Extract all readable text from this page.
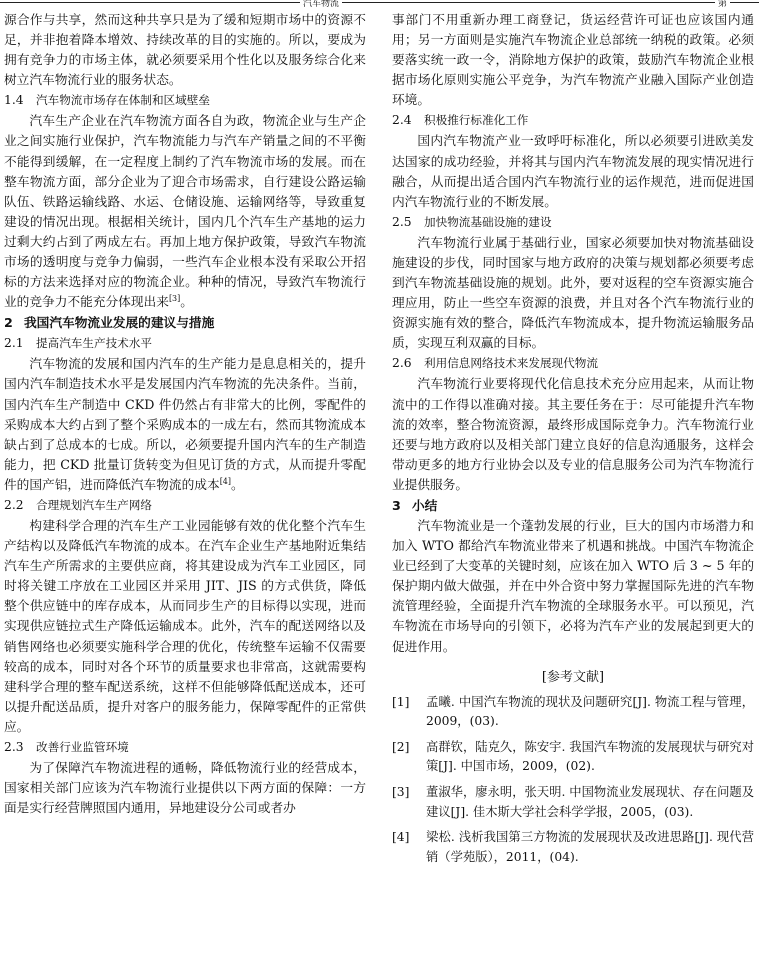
汽车物流	第

源合作与共享，然而这种共享只是为了缓和短期市场中的资源不足，并非抱着降本增效、持续改革的目的实施的。所以，要成为拥有竞争力的市场主体，就必须要采用个性化以及服务综合化来树立汽车物流行业的服务状态。

1.4 汽车物流市场存在体制和区域壁垒

汽车生产企业在汽车物流方面各自为政，物流企业与生产企业之间实施行业保护，汽车物流能力与汽车产销量之间的不平衡不能得到缓解，在一定程度上制约了汽车物流市场的发展。而在整车物流方面，部分企业为了迎合市场需求，自行建设公路运输队伍、铁路运输线路、水运、仓储设施、运输网络等，导致重复建设的情况出现。根据相关统计，国内几个汽车生产基地的运力过剩大约占到了两成左右。再加上地方保护政策，导致汽车物流市场的透明度与竞争力偏弱，一些汽车企业根本没有采取公开招标的方法来选择对应的物流企业。种种的情况，导致汽车物流行业的竞争力不能充分体现出来[3]。

2 我国汽车物流业发展的建议与措施

2.1 提高汽车生产技术水平

汽车物流的发展和国内汽车的生产能力是息息相关的，提升国内汽车制造技术水平是发展国内汽车物流的先决条件。当前，国内汽车生产制造中 CKD 件仍然占有非常大的比例，零配件的采购成本大约占到了整个采购成本的一成左右，然而其物流成本缺占到了总成本的七成。所以，必须要提升国内汽车的生产制造能力，把 CKD 批量订货转变为但见订货的方式，从而提升零配件的国产铝，进而降低汽车物流的成本[4]。

2.2 合理规划汽车生产网络

构建科学合理的汽车生产工业园能够有效的优化整个汽车生产结构以及降低汽车物流的成本。在汽车企业生产基地附近集结汽车生产所需求的主要供应商，将其建设成为汽车工业园区，同时将关键工序放在工业园区并采用 JIT、JIS 的方式供货，降低整个供应链中的库存成本，从而同步生产的目标得以实现，进而实现供应链拉式生产降低运输成本。此外，汽车的配送网络以及销售网络也必须要实施科学合理的优化，传统整车运输不仅需要较高的成本，同时对各个环节的质量要求也非常高，这就需要构建科学合理的整车配送系统，这样不但能够降低配送成本，还可以提升配送品质，提升对客户的服务能力，保障零配件的正常供应。

2.3 改善行业监管环境

为了保障汽车物流进程的通畅，降低物流行业的经营成本，国家相关部门应该为汽车物流行业提供以下两方面的保障：一方面是实行经营牌照国内通用，异地建设分公司或者办

事部门不用重新办理工商登记，货运经营许可证也应该国内通用；另一方面则是实施汽车物流企业总部统一纳税的政策。必须要落实统一政一令，消除地方保护的政策，鼓励汽车物流企业根据市场化原则实施公平竞争，为汽车物流产业融入国际产业创造环境。

2.4 积极推行标准化工作

国内汽车物流产业一致呼吁标准化，所以必须要引进欧美发达国家的成功经验，并将其与国内汽车物流发展的现实情况进行融合，从而提出适合国内汽车物流行业的运作规范，进而促进国内汽车物流行业的不断发展。

2.5 加快物流基础设施的建设

汽车物流行业属于基础行业，国家必须要加快对物流基础设施建设的步伐，同时国家与地方政府的决策与规划都必须要考虑到汽车物流基础设施的规划。此外，要对返程的空车资源实施合理应用，防止一些空车资源的浪费，并且对各个汽车物流行业的资源实施有效的整合，降低汽车物流成本，提升物流运输服务品质，实现互利双赢的目标。

2.6 利用信息网络技术来发展现代物流

汽车物流行业要将现代化信息技术充分应用起来，从而让物流中的工作得以准确对接。其主要任务在于：尽可能提升汽车物流的效率，整合物流资源，最终形成国际竞争力。汽车物流行业还要与地方政府以及相关部门建立良好的信息沟通服务，这样会带动更多的地方行业协会以及专业的信息服务公司为汽车物流行业提供服务。

3 小结

汽车物流业是一个蓬勃发展的行业，巨大的国内市场潜力和加入 WTO 都给汽车物流业带来了机遇和挑战。中国汽车物流企业已经到了大变革的关键时刻，应该在加入 WTO 后 3 ~ 5 年的保护期内做大做强，并在中外合资中努力掌握国际先进的汽车物流管理经验，全面提升汽车物流的全球服务水平。可以预见，汽车物流在市场导向的引领下，必将为汽车产业的发展起到更大的促进作用。

[参考文献]

[1] 孟曦. 中国汽车物流的现状及问题研究[J]. 物流工程与管理，2009，(03).

[2] 高群钦，陆克久，陈安宇. 我国汽车物流的发展现状与研究对策[J]. 中国市场，2009，(02).

[3] 董淑华，廖永明，张天明. 中国物流业发展现状、存在问题及建议[J]. 佳木斯大学社会科学学报，2005，(03).

[4] 梁松. 浅析我国第三方物流的发展现状及改进思路[J]. 现代营销（学苑版），2011，(04).
